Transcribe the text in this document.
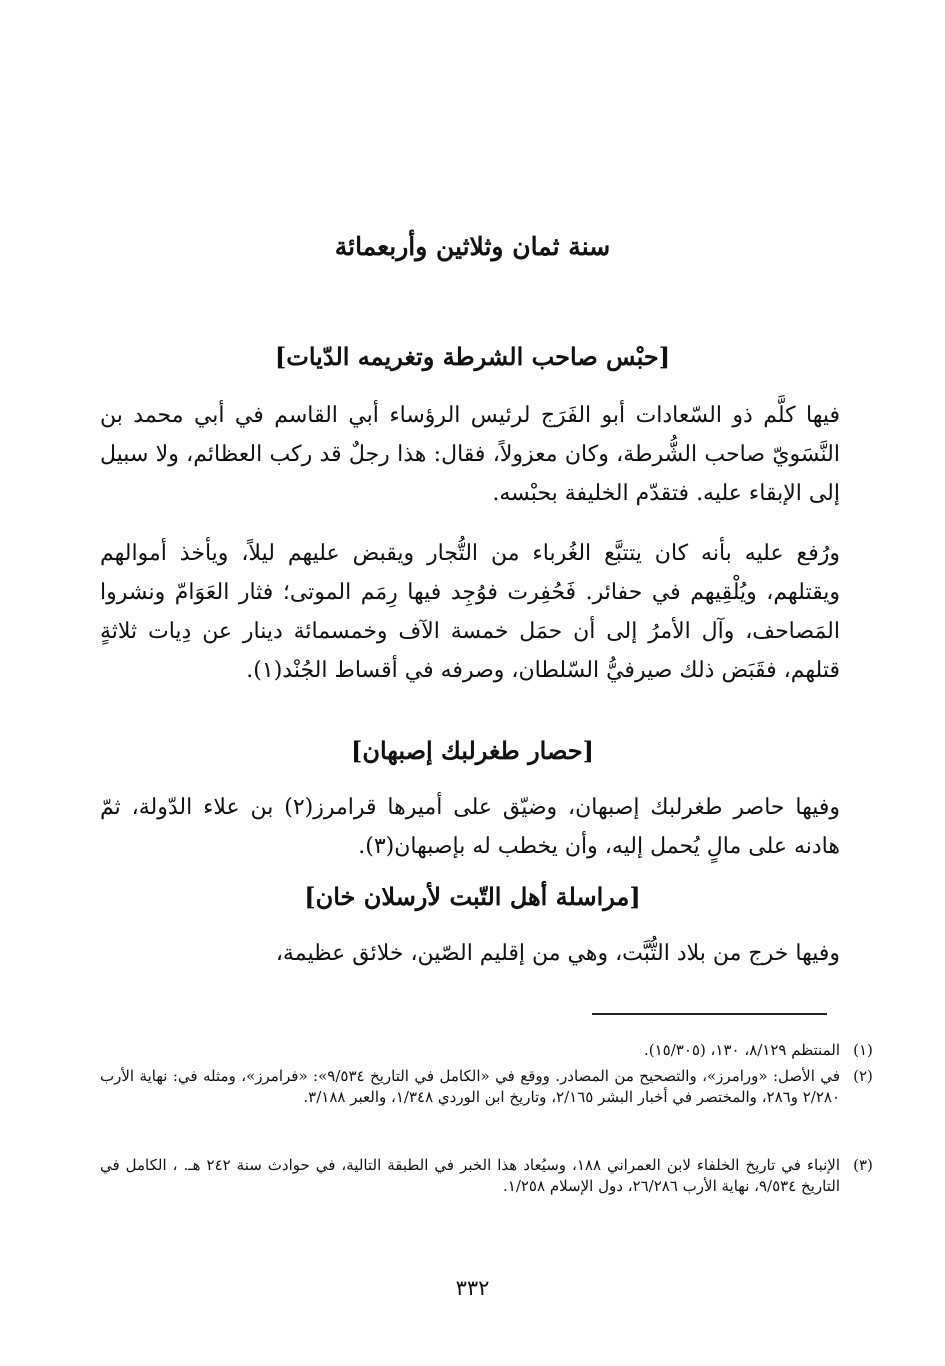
سنة ثمان وثلاثين وأربعمائة
[حبْس صاحب الشرطة وتغريمه الدّيات]

فيها كلَّم ذو السّعادات أبو الفَرَج لرئيس الرؤساء أبي القاسم في أبي محمد بن النَّسَويّ صاحب الشُّرطة، وكان معزولاً، فقال: هذا رجلٌ قد ركب العظائم، ولا سبيل إلى الإبقاء عليه. فتقدّم الخليفة بحبْسه.

ورُفع عليه بأنه كان يتتبَّع الغُرباء من التُّجار ويقبض عليهم ليلاً، ويأخذ أموالهم ويقتلهم، ويُلْقِيهم في حفائر. فَحُفِرت فوُجِد فيها رِمَم الموتى؛ فثار العَوَامّ ونشروا المَصاحف، وآل الأمرُ إلى أن حمَل خمسة الآف وخمسمائة دينار عن دِيات ثلاثةٍ قتلهم، فقَبَض ذلك صيرفيُّ السّلطان، وصرفه في أقساط الجُنْد(١).

[حصار طغرلبك إصبهان]

وفيها حاصر طغرلبك إصبهان، وضيّق على أميرها قرامرز(٢) بن علاء الدّولة، ثمّ هادنه على مالٍ يُحمل إليه، وأن يخطب له بإصبهان(٣).

[مراسلة أهل التّبت لأرسلان خان]

وفيها خرج من بلاد التُّبَّت، وهي من إقليم الصّين، خلائق عظيمة،

(١)
المنتظم ٨/١٢٩، ١٣٠، (١٥/٣٠٥).
(٢)
في الأصل: «ورامرز»، والتصحيح من المصادر. ووقع في «الكامل في التاريخ ٩/٥٣٤»: «فرامرز»، ومثله في: نهاية الأرب ٢/٢٨٠ و٢٨٦، والمختصر في أخبار البشر ٢/١٦٥، وتاريخ ابن الوردي ١/٣٤٨، والعبر ٣/١٨٨.
(٣)
الإنباء في تاريخ الخلفاء لابن العمراني ١٨٨، وسيُعاد هذا الخبر في الطبقة التالية، في حوادث سنة ٢٤٢ هـ. ، الكامل في التاريخ ٩/٥٣٤، نهاية الأرب ٢٦/٢٨٦، دول الإسلام ١/٢٥٨.
٣٣٢
